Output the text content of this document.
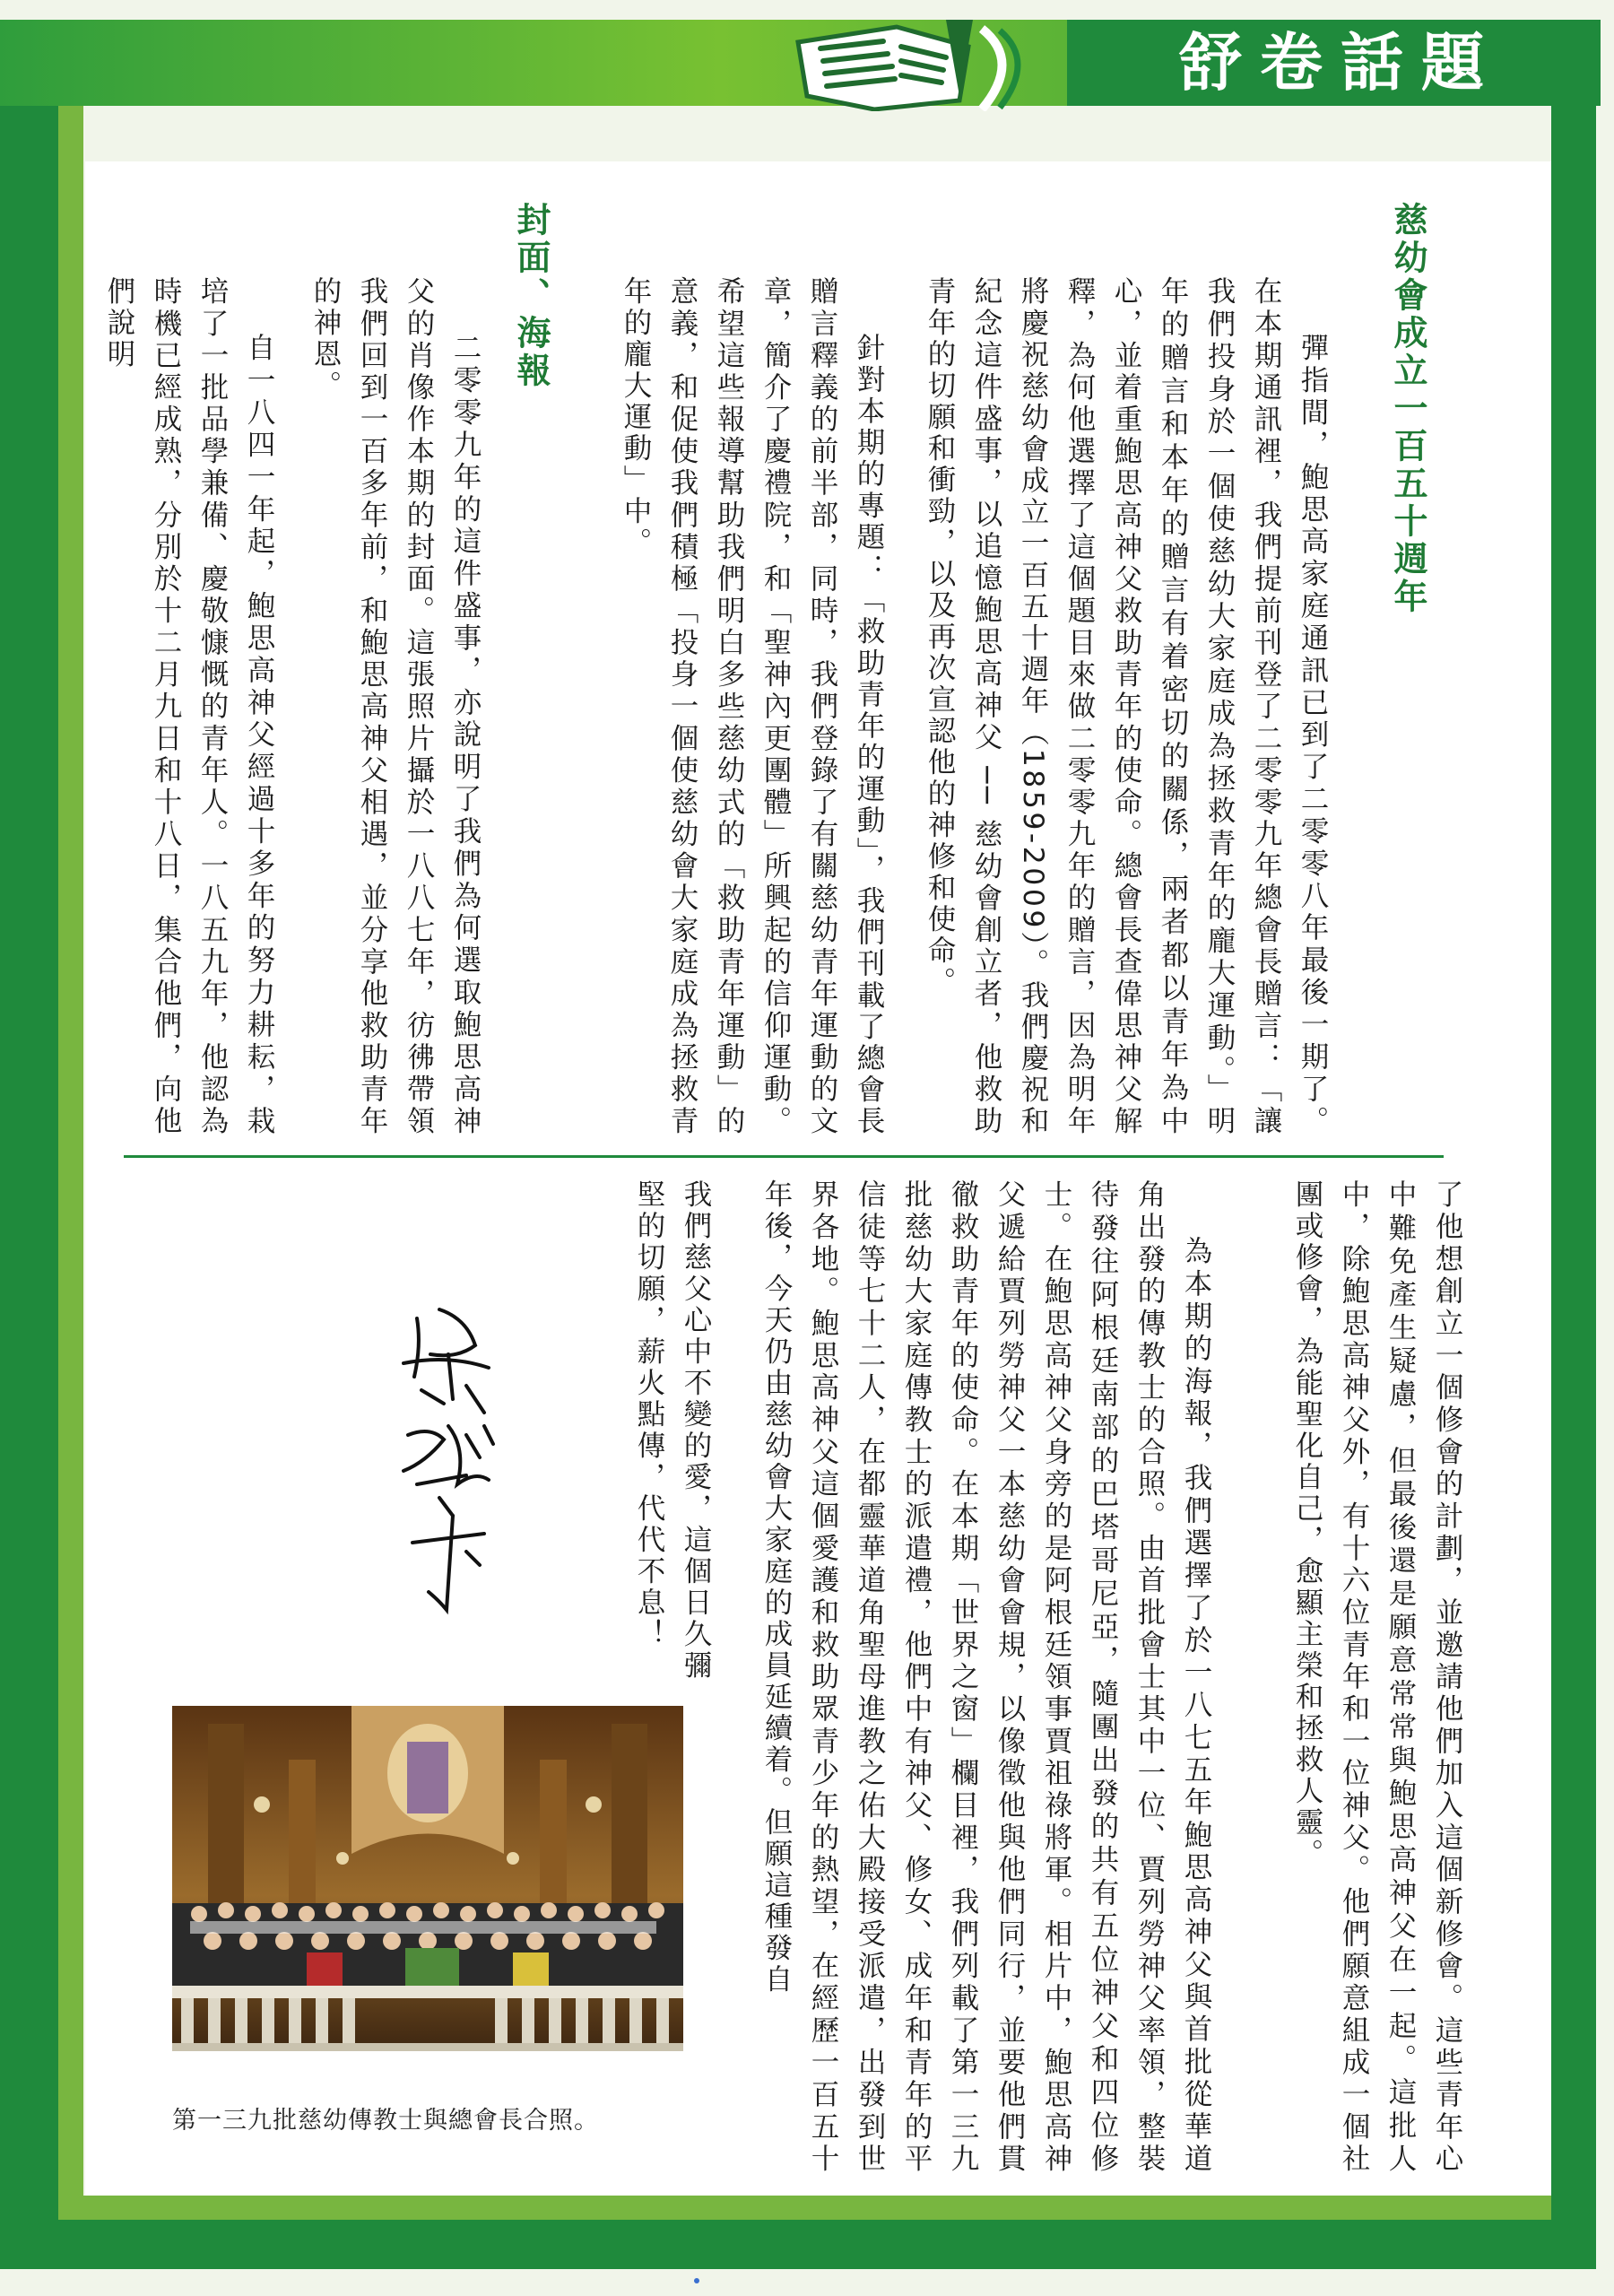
舒卷話題
慈幼會成立一百五十週年
彈指間，鮑思高家庭通訊已到了二零零八年最後一期了。在本期通訊裡，我們提前刊登了二零零九年總會長贈言：「讓我們投身於一個使慈幼大家庭成為拯救青年的龐大運動。」明年的贈言和本年的贈言有着密切的關係，兩者都以青年為中心，並着重鮑思高神父救助青年的使命。總會長查偉思神父解釋，為何他選擇了這個題目來做二零零九年的贈言，因為明年將慶祝慈幼會成立一百五十週年（1859-2009）。我們慶祝和紀念這件盛事，以追憶鮑思高神父 ── 慈幼會創立者，他救助青年的切願和衝勁，以及再次宣認他的神修和使命。
針對本期的專題：「救助青年的運動」，我們刊載了總會長贈言釋義的前半部，同時，我們登錄了有關慈幼青年運動的文章，簡介了慶禮院，和「聖神內更團體」所興起的信仰運動。希望這些報導幫助我們明白多些慈幼式的「救助青年運動」的意義，和促使我們積極「投身一個使慈幼會大家庭成為拯救青年的龐大運動」中。
封面、海報
二零零九年的這件盛事，亦說明了我們為何選取鮑思高神父的肖像作本期的封面。這張照片攝於一八八七年，彷彿帶領我們回到一百多年前，和鮑思高神父相遇，並分享他救助青年的神恩。
自一八四一年起，鮑思高神父經過十多年的努力耕耘，栽培了一批品學兼備、慶敬慷慨的青年人。一八五九年，他認為時機已經成熟，分別於十二月九日和十八日，集合他們，向他們說明
了他想創立一個修會的計劃，並邀請他們加入這個新修會。這些青年心中難免產生疑慮，但最後還是願意常常與鮑思高神父在一起。這批人中，除鮑思高神父外，有十六位青年和一位神父。他們願意組成一個社團或修會，為能聖化自己，愈顯主榮和拯救人靈。
為本期的海報，我們選擇了於一八七五年鮑思高神父與首批從華道角出發的傳教士的合照。由首批會士其中一位、賈列勞神父率領，整裝待發往阿根廷南部的巴塔哥尼亞，隨團出發的共有五位神父和四位修士。在鮑思高神父身旁的是阿根廷領事賈祖祿將軍。相片中，鮑思高神父遞給賈列勞神父一本慈幼會會規，以像徵他與他們同行，並要他們貫徹救助青年的使命。在本期「世界之窗」欄目裡，我們列載了第一三九批慈幼大家庭傳教士的派遣禮，他們中有神父、修女、成年和青年的平信徒等七十二人，在都靈華道角聖母進教之佑大殿接受派遣，出發到世界各地。鮑思高神父這個愛護和救助眾青少年的熱望，在經歷一百五十年後，今天仍由慈幼會大家庭的成員延續着。但願這種發自
我們慈父心中不變的愛，這個日久彌堅的切願，薪火點傳，代代不息！
第一三九批慈幼傳教士與總會長合照。
